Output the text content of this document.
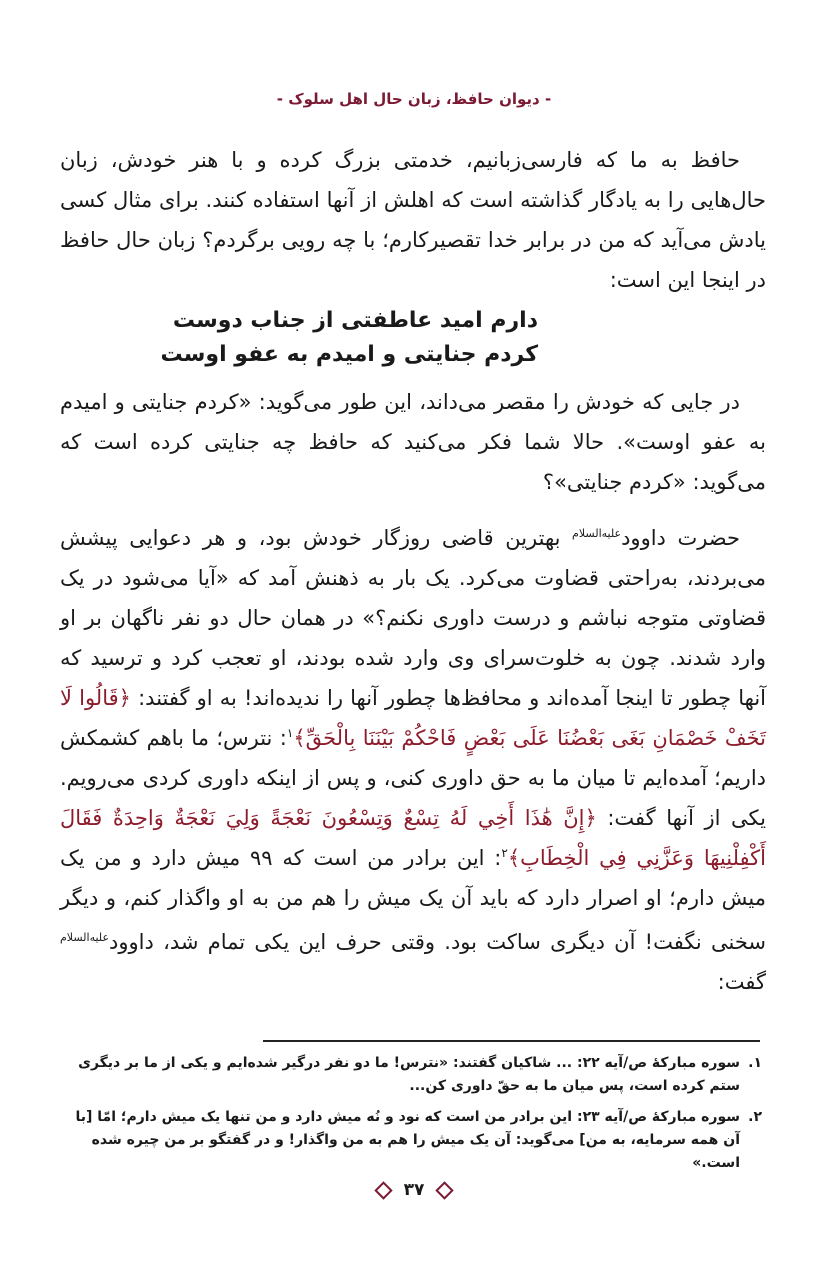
- دیوان حافظ، زبان حال اهل سلوک -

حافظ به ما که فارسی‌زبانیم، خدمتی بزرگ کرده و با هنر خودش، زبان حال‌هایی را به یادگار گذاشته است که اهلش از آنها استفاده کنند. برای مثال کسی یادش می‌آید که من در برابر خدا تقصیرکارم؛ با چه رویی برگردم؟ زبان حال حافظ در اینجا این است:

دارم امید عاطفتی از جناب دوست
کردم جنایتی و امیدم به عفو اوست

در جایی که خودش را مقصر می‌داند، این طور می‌گوید: «کردم جنایتی و امیدم به عفو اوست». حالا شما فکر می‌کنید که حافظ چه جنایتی کرده است که می‌گوید: «کردم جنایتی»؟

حضرت داوود$^{علیه‌السلام}$ بهترین قاضی روزگار خودش بود، و هر دعوایی پیشش می‌بردند، به‌راحتی قضاوت می‌کرد. یک بار به ذهنش آمد که «آیا می‌شود در یک قضاوتی متوجه نباشم و درست داوری نکنم؟» در همان حال دو نفر ناگهان بر او وارد شدند. چون به خلوت‌سرای وی وارد شده بودند، او تعجب کرد و ترسید که آنها چطور تا اینجا آمده‌اند و محافظ‌ها چطور آنها را ندیده‌اند! به او گفتند: ﴿قَالُوا لَا تَخَفْ خَصْمَانِ بَغَى بَعْضُنَا عَلَى بَعْضٍ فَاحْكُمْ بَيْنَنَا بِالْحَقِّ﴾$^۱$: نترس؛ ما باهم کشمکش داریم؛ آمده‌ایم تا میان ما به حق داوری کنی، و پس از اینکه داوری کردی می‌رویم. یکی از آنها گفت: ﴿إِنَّ هَٰذَا أَخِي لَهُ تِسْعٌ وَتِسْعُونَ نَعْجَةً وَلِيَ نَعْجَةٌ وَاحِدَةٌ فَقَالَ أَكْفِلْنِيهَا وَعَزَّنِي فِي الْخِطَابِ﴾$^۲$: این برادر من است که ۹۹ میش دارد و من یک میش دارم؛ او اصرار دارد که باید آن یک میش را هم من به او واگذار کنم، و دیگر سخنی نگفت! آن دیگری ساکت بود. وقتی حرف این یکی تمام شد، داوود$^{علیه‌السلام}$ گفت:

۱.سوره مبارکهٔ ص/آیه ۲۲: ... شاکیان گفتند: «نترس! ما دو نفر درگیر شده‌ایم و یکی از ما بر دیگری ستم کرده است، پس میان ما به حقّ داوری کن...

۲.سوره مبارکهٔ ص/آیه ۲۳: این برادر من است که نود و نُه میش دارد و من تنها یک میش دارم؛ امّا [با آن همه سرمایه، به من] می‌گوید: آن یک میش را هم به من واگذار! و در گفتگو بر من چیره شده است.»

۳۷
